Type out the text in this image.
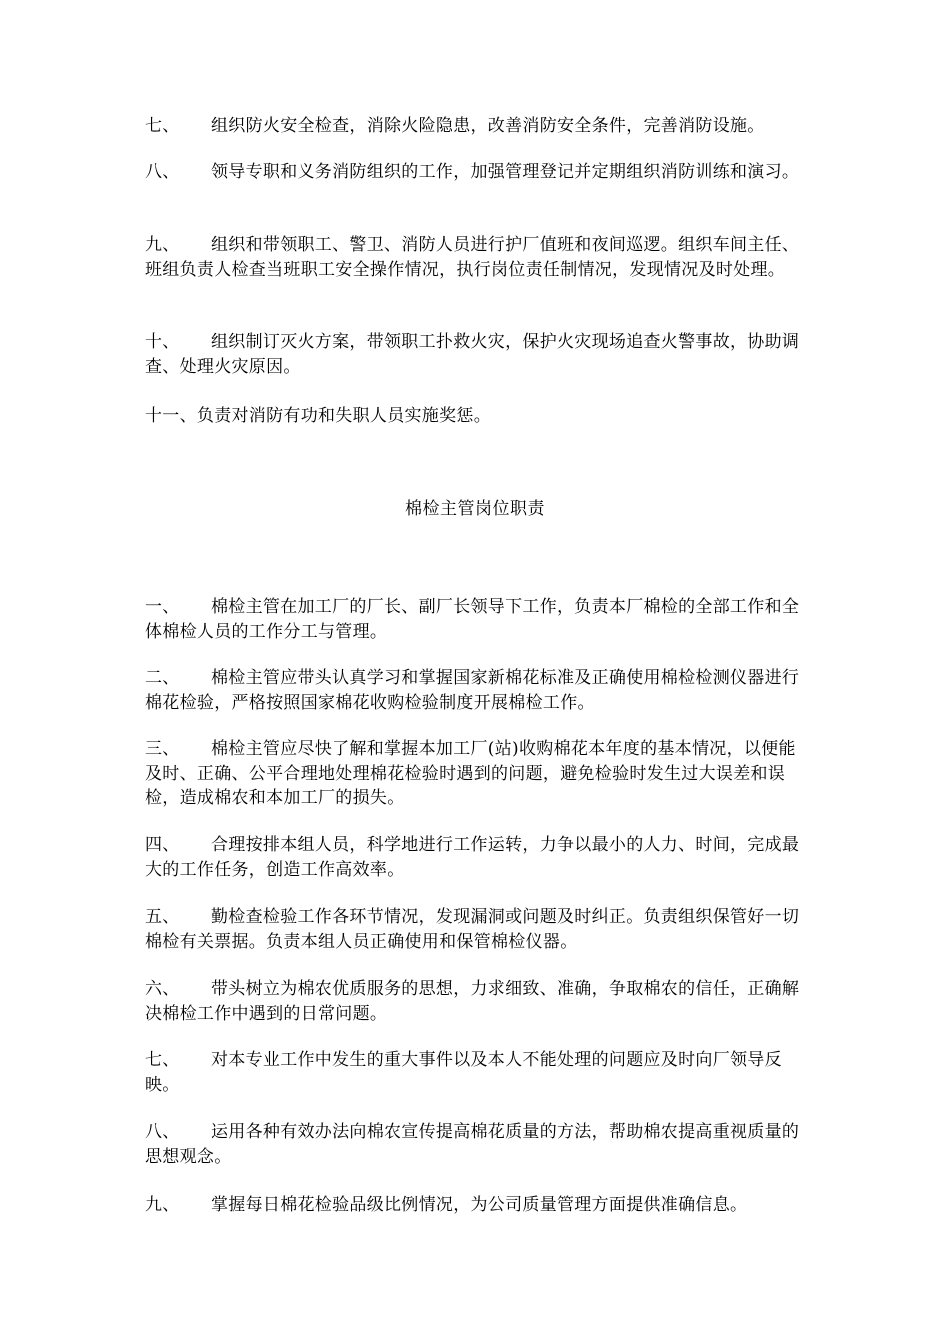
七、 组织防火安全检查，消除火险隐患，改善消防安全条件，完善消防设施。

八、 领导专职和义务消防组织的工作，加强管理登记并定期组织消防训练和演习。

九、 组织和带领职工、警卫、消防人员进行护厂值班和夜间巡逻。组织车间主任、班组负责人检查当班职工安全操作情况，执行岗位责任制情况，发现情况及时处理。

十、 组织制订灭火方案，带领职工扑救火灾，保护火灾现场追查火警事故，协助调查、处理火灾原因。

十一、负责对消防有功和失职人员实施奖惩。

棉检主管岗位职责

一、 棉检主管在加工厂的厂长、副厂长领导下工作，负责本厂棉检的全部工作和全体棉检人员的工作分工与管理。

二、 棉检主管应带头认真学习和掌握国家新棉花标准及正确使用棉检检测仪器进行棉花检验，严格按照国家棉花收购检验制度开展棉检工作。

三、 棉检主管应尽快了解和掌握本加工厂(站)收购棉花本年度的基本情况，以便能及时、正确、公平合理地处理棉花检验时遇到的问题，避免检验时发生过大误差和误检，造成棉农和本加工厂的损失。

四、 合理按排本组人员，科学地进行工作运转，力争以最小的人力、时间，完成最大的工作任务，创造工作高效率。

五、 勤检查检验工作各环节情况，发现漏洞或问题及时纠正。负责组织保管好一切棉检有关票据。负责本组人员正确使用和保管棉检仪器。

六、 带头树立为棉农优质服务的思想，力求细致、准确，争取棉农的信任，正确解决棉检工作中遇到的日常问题。

七、 对本专业工作中发生的重大事件以及本人不能处理的问题应及时向厂领导反映。

八、 运用各种有效办法向棉农宣传提高棉花质量的方法，帮助棉农提高重视质量的思想观念。

九、 掌握每日棉花检验品级比例情况，为公司质量管理方面提供准确信息。
